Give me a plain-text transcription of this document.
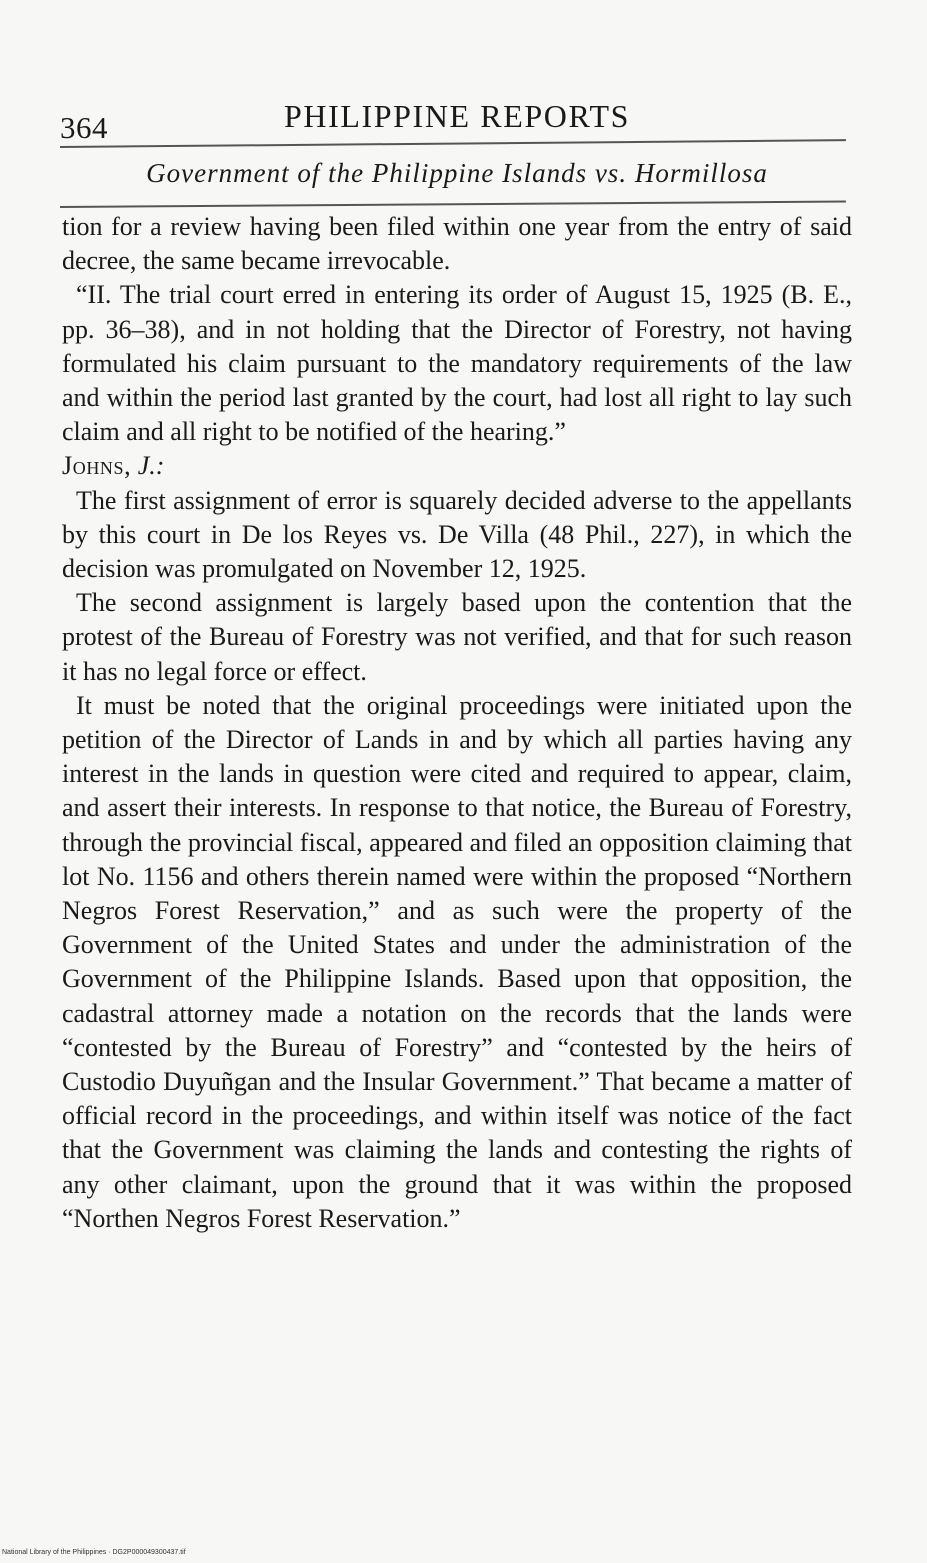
364	PHILIPPINE REPORTS
Government of the Philippine Islands vs. Hormillosa

tion for a review having been filed within one year from the entry of said decree, the same became irrevocable.

“II. The trial court erred in entering its order of August 15, 1925 (B. E., pp. 36–38), and in not holding that the Director of Forestry, not having formulated his claim pursuant to the mandatory requirements of the law and within the period last granted by the court, had lost all right to lay such claim and all right to be notified of the hearing.”

Johns, J.:

The first assignment of error is squarely decided adverse to the appellants by this court in De los Reyes vs. De Villa (48 Phil., 227), in which the decision was promulgated on November 12, 1925.

The second assignment is largely based upon the contention that the protest of the Bureau of Forestry was not verified, and that for such reason it has no legal force or effect.

It must be noted that the original proceedings were initiated upon the petition of the Director of Lands in and by which all parties having any interest in the lands in question were cited and required to appear, claim, and assert their interests. In response to that notice, the Bureau of Forestry, through the provincial fiscal, appeared and filed an opposition claiming that lot No. 1156 and others therein named were within the proposed “Northern Negros Forest Reservation,” and as such were the property of the Government of the United States and under the administration of the Government of the Philippine Islands. Based upon that opposition, the cadastral attorney made a notation on the records that the lands were “contested by the Bureau of Forestry” and “contested by the heirs of Custodio Duyuñgan and the Insular Government.” That became a matter of official record in the proceedings, and within itself was notice of the fact that the Government was claiming the lands and contesting the rights of any other claimant, upon the ground that it was within the proposed “Northen Negros Forest Reservation.”

National Library of the Philippines · DG2P000049300437.tif
